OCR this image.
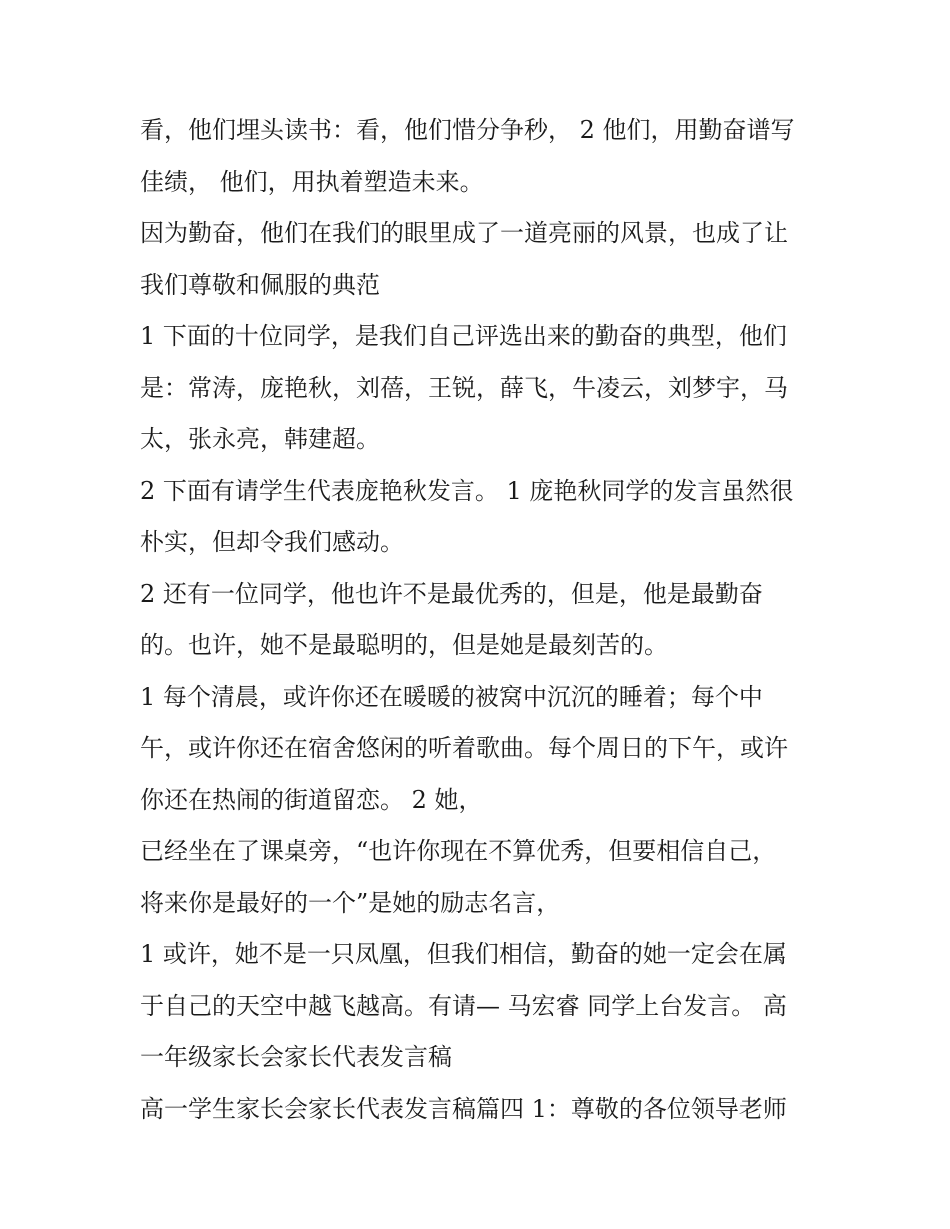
看，他们埋头读书：看，他们惜分争秒， 2 他们，用勤奋谱写
佳绩， 他们，用执着塑造未来。
因为勤奋，他们在我们的眼里成了一道亮丽的风景，也成了让
我们尊敬和佩服的典范
1 下面的十位同学，是我们自己评选出来的勤奋的典型，他们
是：常涛，庞艳秋，刘蓓，王锐，薛飞，牛凌云，刘梦宇，马
太，张永亮，韩建超。
2 下面有请学生代表庞艳秋发言。 1 庞艳秋同学的发言虽然很
朴实，但却令我们感动。
2 还有一位同学，他也许不是最优秀的，但是，他是最勤奋
的。也许，她不是最聪明的，但是她是最刻苦的。
1 每个清晨，或许你还在暖暖的被窝中沉沉的睡着；每个中
午，或许你还在宿舍悠闲的听着歌曲。每个周日的下午，或许
你还在热闹的街道留恋。 2 她，
已经坐在了课桌旁，“也许你现在不算优秀，但要相信自己，
将来你是最好的一个”是她的励志名言，
1 或许，她不是一只凤凰，但我们相信，勤奋的她一定会在属
于自己的天空中越飞越高。有请— 马宏睿 同学上台发言。 高
一年级家长会家长代表发言稿
高一学生家长会家长代表发言稿篇四 1：尊敬的各位领导老师
